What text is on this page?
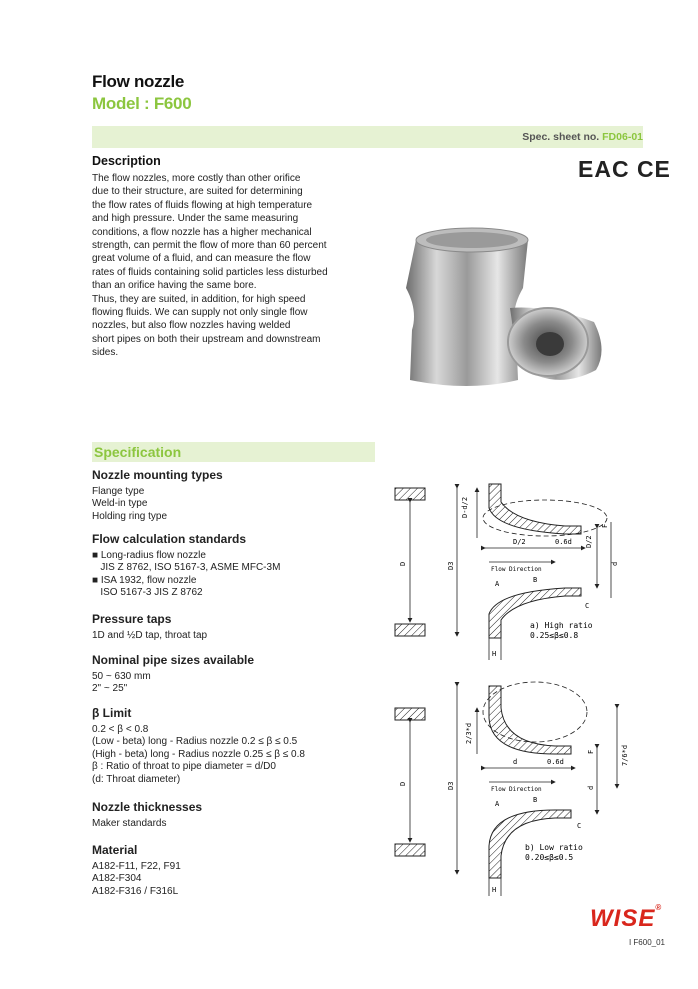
Flow nozzle
Model : F600
Spec. sheet no. FD06-01
EAC CE
Description

The flow nozzles, more costly than other orifice

due to their structure, are suited for determining

the flow rates of fluids flowing at high temperature

and high pressure. Under the same measuring

conditions, a flow nozzle has a higher mechanical

strength, can permit the flow of more than 60 percent

great volume of a fluid, and can measure the flow

rates of fluids containing solid particles less disturbed

than an orifice having the same bore.

Thus, they are suited, in addition, for high speed

flowing fluids. We can supply not only single flow

nozzles, but also flow nozzles having welded

short pipes on both their upstream and downstream

sides.

Specification
Nozzle mounting types
Flange type
Weld-in type
Holding ring type
Flow calculation standards
■ Long-radius flow nozzle
JIS Z 8762, ISO 5167-3, ASME MFC-3M
■ ISA 1932, flow nozzle
ISO 5167-3 JIS Z 8762
Pressure taps
1D and ½D tap, throat tap
Nominal pipe sizes available
50 ~ 630 mm
2" ~ 25"
β Limit
0.2 < β < 0.8
(Low - beta) long - Radius nozzle 0.2 ≤ β ≤ 0.5
(High - beta) long - Radius nozzle 0.25 ≤ β ≤ 0.8
β : Ratio of throat to pipe diameter = d/D0
(d: Throat diameter)
Nozzle thicknesses
Maker standards
Material
A182-F11, F22, F91
A182-F304
A182-F316 / F316L
D-d/2
D/2	0.6d D/2
F
d
D	D3	Flow Direction
A	B
C
H
a) High ratio
0.25≤β≤0.8
2/3*d
7/6*d
d	0.6d
F
d
D	D3	Flow Direction
A	B
C
H
b) Low ratio
0.20≤β≤0.5
WISE®
I F600_01
